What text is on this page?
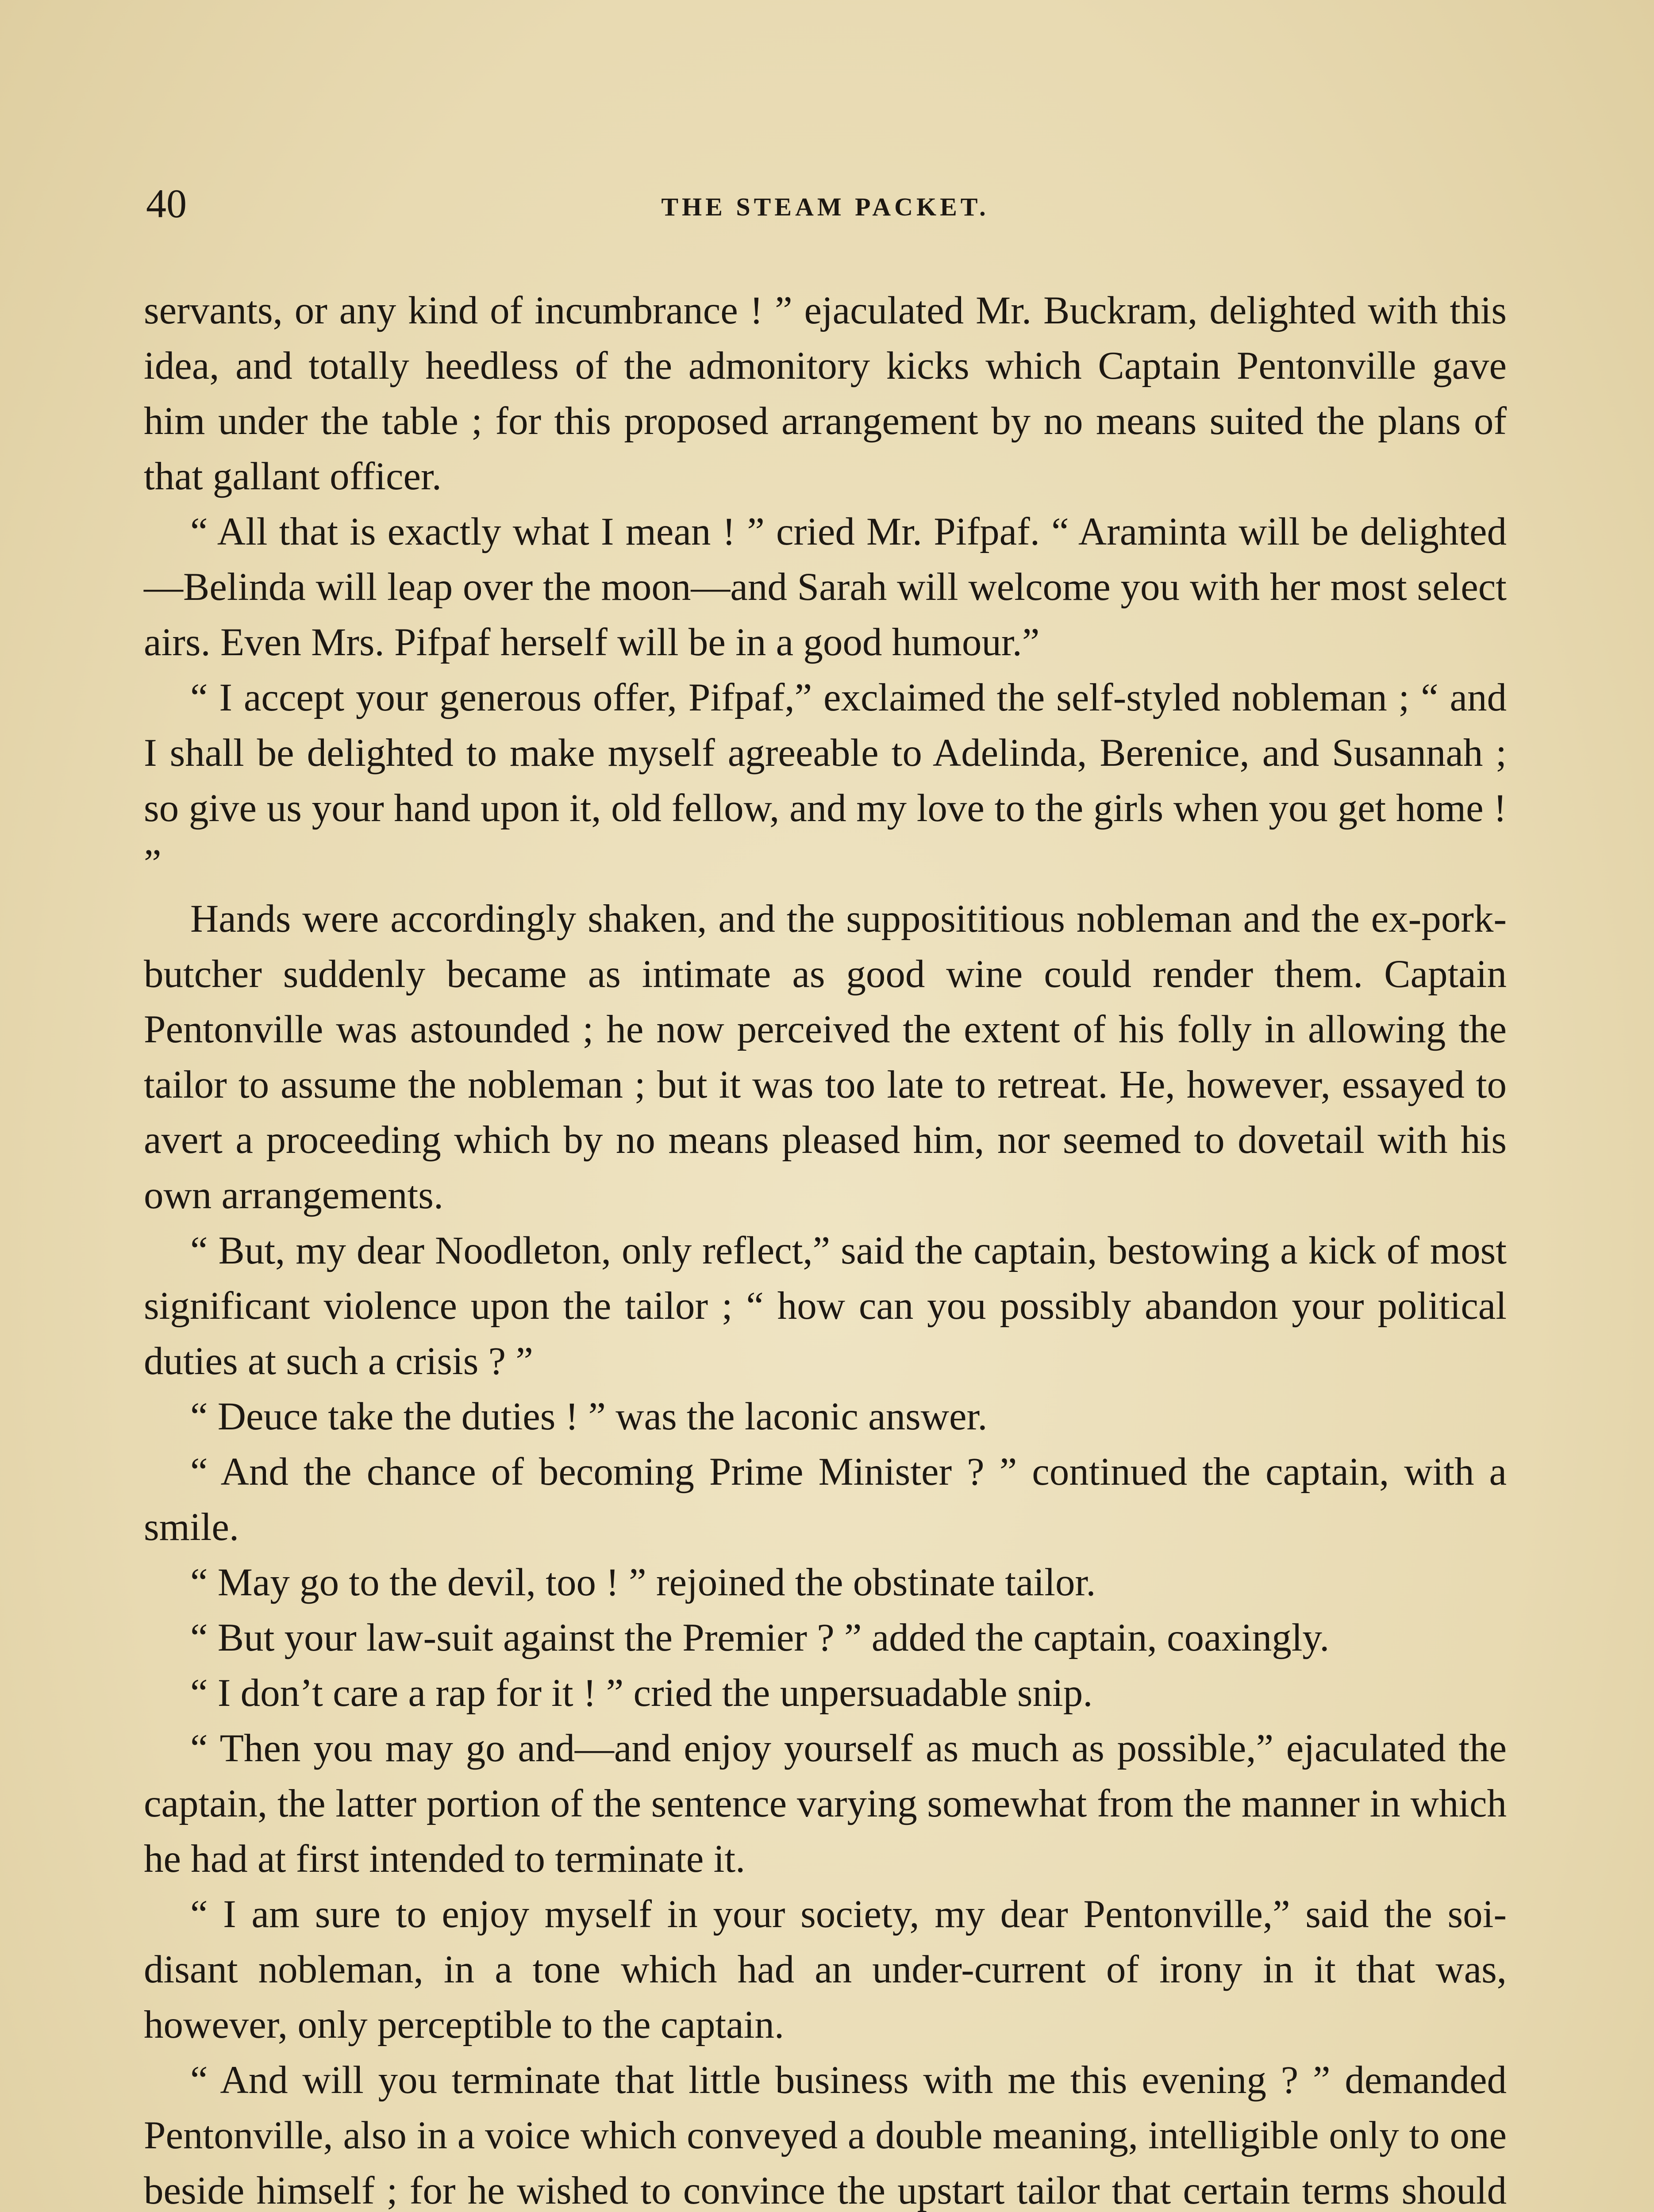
40	THE STEAM PACKET.

servants, or any kind of incumbrance ! ” ejaculated Mr. Buckram, delighted with this idea, and totally heedless of the admonitory kicks which Captain Pentonville gave him under the table ; for this proposed arrangement by no means suited the plans of that gallant officer.

“ All that is exactly what I mean ! ” cried Mr. Pifpaf. “ Araminta will be delighted—Belinda will leap over the moon—and Sarah will welcome you with her most select airs. Even Mrs. Pifpaf herself will be in a good humour.”

“ I accept your generous offer, Pifpaf,” exclaimed the self-styled nobleman ; “ and I shall be delighted to make myself agreeable to Adelinda, Berenice, and Susannah ; so give us your hand upon it, old fellow, and my love to the girls when you get home ! ”

Hands were accordingly shaken, and the supposititious nobleman and the ex-pork-butcher suddenly became as intimate as good wine could render them. Captain Pentonville was astounded ; he now perceived the extent of his folly in allowing the tailor to assume the nobleman ; but it was too late to retreat. He, however, essayed to avert a proceeding which by no means pleased him, nor seemed to dovetail with his own arrangements.

“ But, my dear Noodleton, only reflect,” said the captain, bestowing a kick of most significant violence upon the tailor ; “ how can you possibly abandon your political duties at such a crisis ? ”

“ Deuce take the duties ! ” was the laconic answer.

“ And the chance of becoming Prime Minister ? ” continued the captain, with a smile.

“ May go to the devil, too ! ” rejoined the obstinate tailor.

“ But your law-suit against the Premier ? ” added the captain, coaxingly.

“ I don’t care a rap for it ! ” cried the unpersuadable snip.

“ Then you may go and—and enjoy yourself as much as possible,” ejaculated the captain, the latter portion of the sentence varying somewhat from the manner in which he had at first intended to terminate it.

“ I am sure to enjoy myself in your society, my dear Pentonville,” said the soi-disant nobleman, in a tone which had an under-current of irony in it that was, however, only perceptible to the captain.

“ And will you terminate that little business with me this evening ? ” demanded Pentonville, also in a voice which conveyed a double meaning, intelligible only to one beside himself ; for he wished to convince the upstart tailor that certain terms should
